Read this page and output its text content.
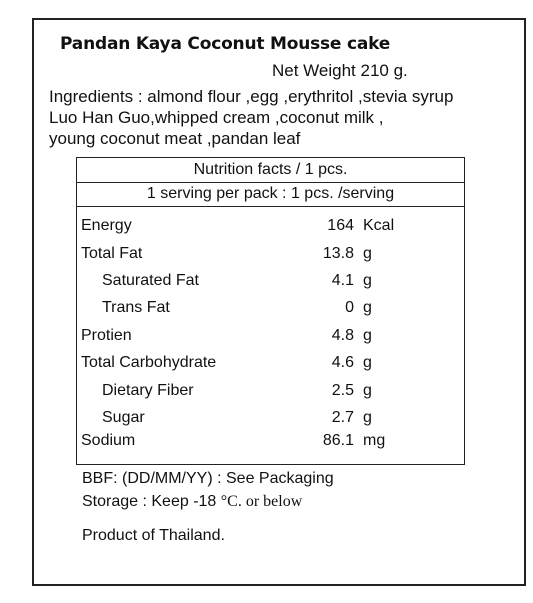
Pandan Kaya Coconut Mousse cake
Net Weight 210 g.
Ingredients : almond flour ,egg ,erythritol ,stevia syrup
Luo Han Guo,whipped cream ,coconut milk ,
young coconut meat ,pandan leaf
Nutrition facts / 1 pcs.
1 serving per pack : 1 pcs. /serving
Energy	164 Kcal
Total Fat	13.8 g
Saturated Fat	4.1 g
Trans Fat	0 g
Protien	4.8 g
Total Carbohydrate	4.6 g
Dietary Fiber	2.5 g
Sugar	2.7 g
Sodium	86.1 mg
BBF: (DD/MM/YY) : See Packaging
Storage : Keep -18 °C. or below
Product of Thailand.
